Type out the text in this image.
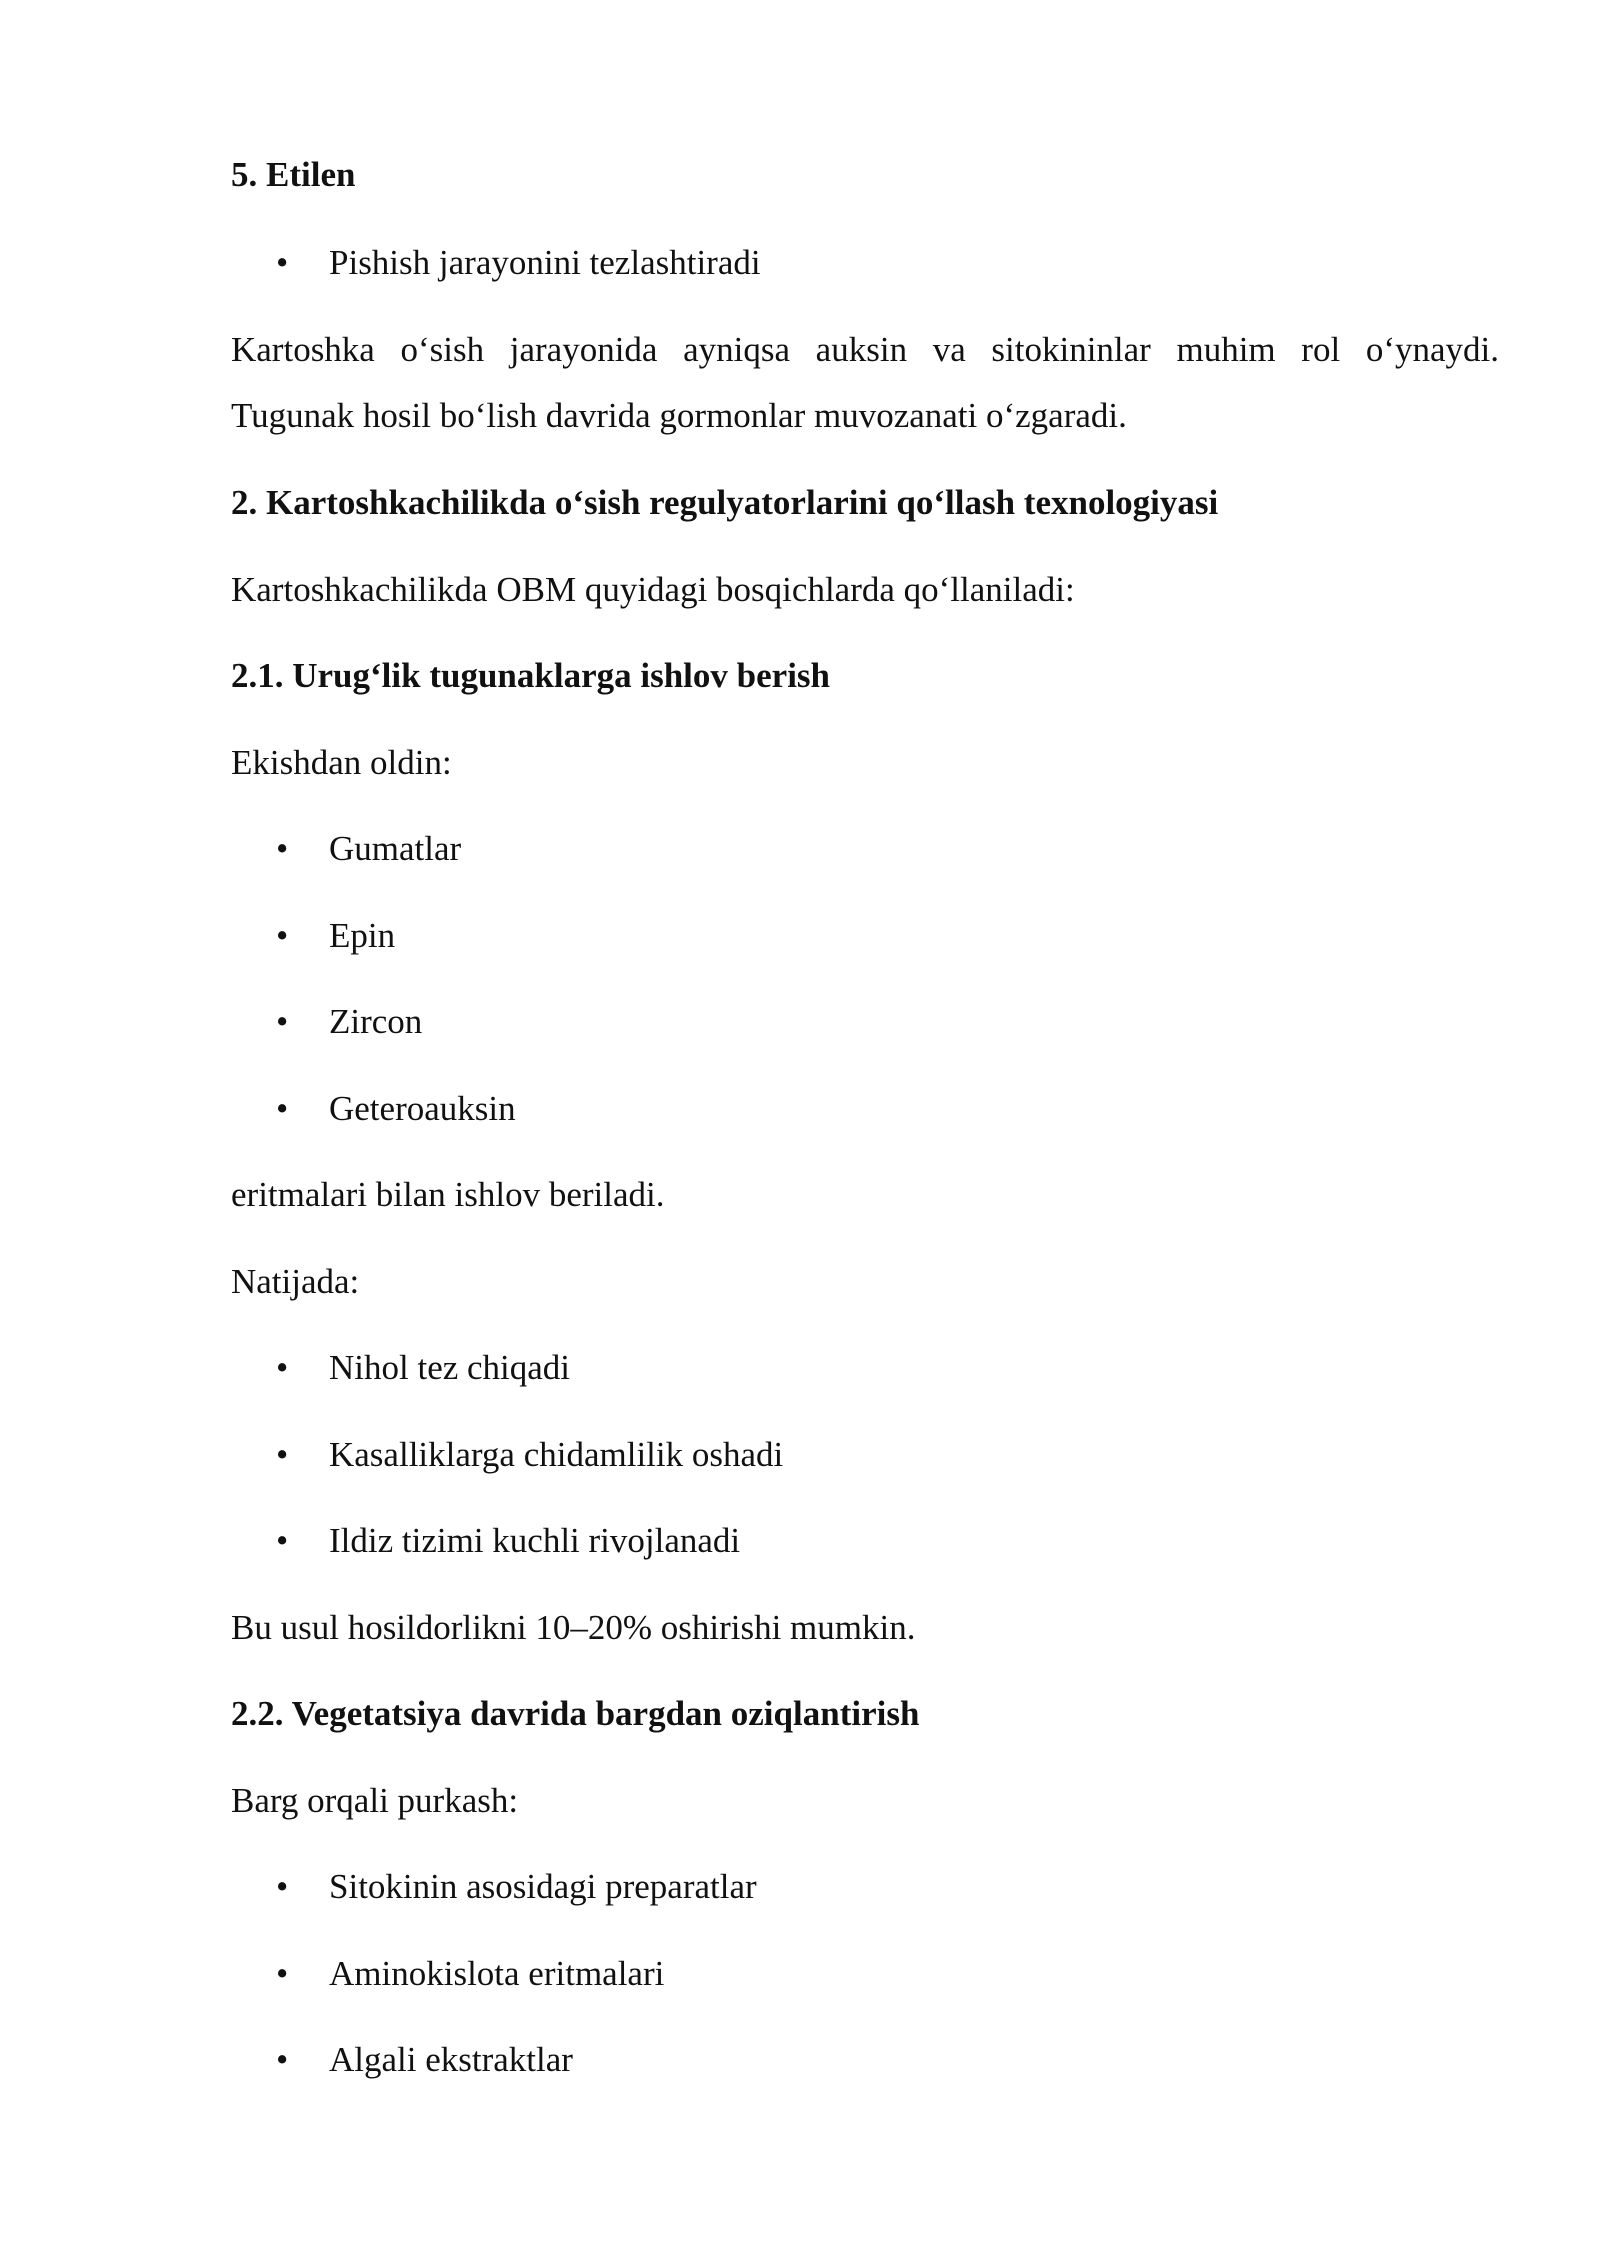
5. Etilen
• Pishish jarayonini tezlashtiradi
Kartoshka o‘sish jarayonida ayniqsa auksin va sitokininlar muhim rol o‘ynaydi.
Tugunak hosil bo‘lish davrida gormonlar muvozanati o‘zgaradi.
2. Kartoshkachilikda o‘sish regulyatorlarini qo‘llash texnologiyasi
Kartoshkachilikda OBM quyidagi bosqichlarda qo‘llaniladi:
2.1. Urug‘lik tugunaklarga ishlov berish
Ekishdan oldin:
• Gumatlar
• Epin
• Zircon
• Geteroauksin
eritmalari bilan ishlov beriladi.
Natijada:
• Nihol tez chiqadi
• Kasalliklarga chidamlilik oshadi
• Ildiz tizimi kuchli rivojlanadi
Bu usul hosildorlikni 10–20% oshirishi mumkin.
2.2. Vegetatsiya davrida bargdan oziqlantirish
Barg orqali purkash:
• Sitokinin asosidagi preparatlar
• Aminokislota eritmalari
• Algali ekstraktlar
